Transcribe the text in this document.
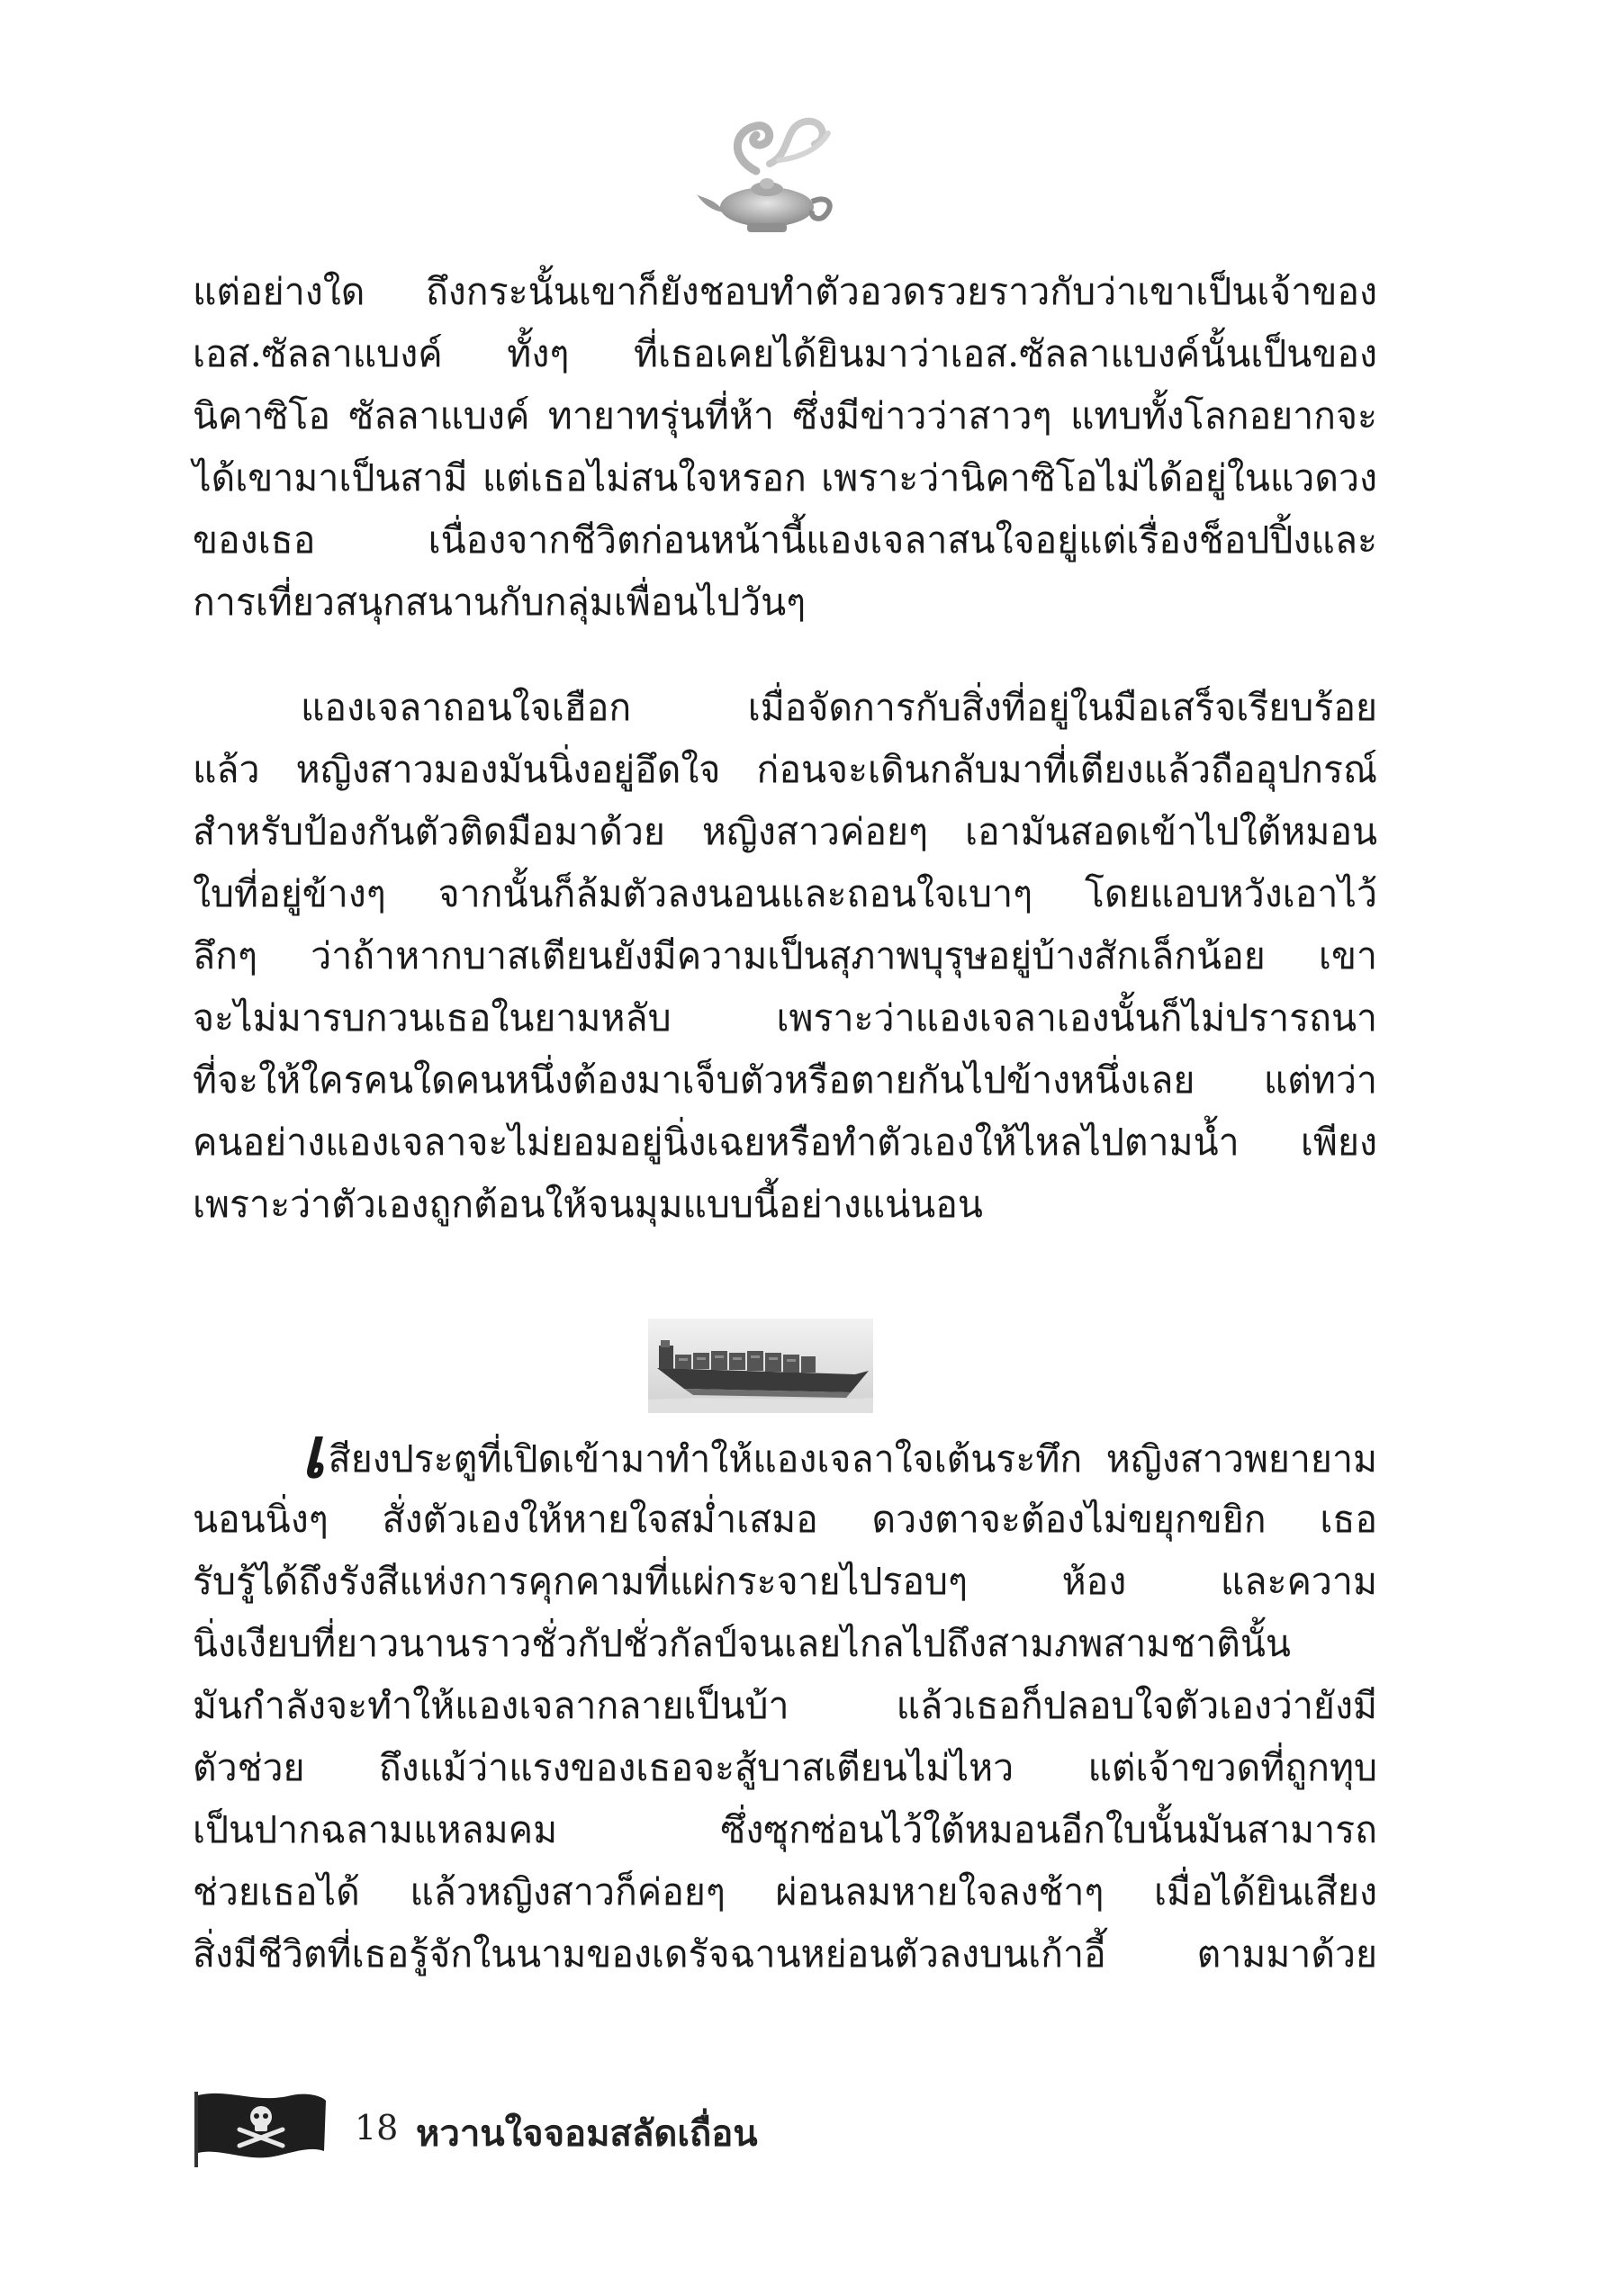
แต่อย่างใด ถึงกระนั้นเขาก็ยังชอบทำตัวอวดรวยราวกับว่าเขาเป็นเจ้าของ
เอส.ซัลลาแบงค์ ทั้งๆ ที่เธอเคยได้ยินมาว่าเอส.ซัลลาแบงค์นั้นเป็นของ
นิคาซิโอ ซัลลาแบงค์ ทายาทรุ่นที่ห้า ซึ่งมีข่าวว่าสาวๆ แทบทั้งโลกอยากจะ
ได้เขามาเป็นสามี แต่เธอไม่สนใจหรอก เพราะว่านิคาซิโอไม่ได้อยู่ในแวดวง
ของเธอ เนื่องจากชีวิตก่อนหน้านี้แองเจลาสนใจอยู่แต่เรื่องช็อปปิ้งและ
การเที่ยวสนุกสนานกับกลุ่มเพื่อนไปวันๆ
แองเจลาถอนใจเฮือก เมื่อจัดการกับสิ่งที่อยู่ในมือเสร็จเรียบร้อย
แล้ว หญิงสาวมองมันนิ่งอยู่อึดใจ ก่อนจะเดินกลับมาที่เตียงแล้วถืออุปกรณ์
สำหรับป้องกันตัวติดมือมาด้วย หญิงสาวค่อยๆ เอามันสอดเข้าไปใต้หมอน
ใบที่อยู่ข้างๆ จากนั้นก็ล้มตัวลงนอนและถอนใจเบาๆ โดยแอบหวังเอาไว้
ลึกๆ ว่าถ้าหากบาสเตียนยังมีความเป็นสุภาพบุรุษอยู่บ้างสักเล็กน้อย เขา
จะไม่มารบกวนเธอในยามหลับ เพราะว่าแองเจลาเองนั้นก็ไม่ปรารถนา
ที่จะให้ใครคนใดคนหนึ่งต้องมาเจ็บตัวหรือตายกันไปข้างหนึ่งเลย แต่ทว่า
คนอย่างแองเจลาจะไม่ยอมอยู่นิ่งเฉยหรือทำตัวเองให้ไหลไปตามน้ำ เพียง
เพราะว่าตัวเองถูกต้อนให้จนมุมแบบนี้อย่างแน่นอน
เสียงประตูที่เปิดเข้ามาทำให้แองเจลาใจเต้นระทึก หญิงสาวพยายาม
นอนนิ่งๆ สั่งตัวเองให้หายใจสม่ำเสมอ ดวงตาจะต้องไม่ขยุกขยิก เธอ
รับรู้ได้ถึงรังสีแห่งการคุกคามที่แผ่กระจายไปรอบๆ ห้อง และความ
นิ่งเงียบที่ยาวนานราวชั่วกัปชั่วกัลป์จนเลยไกลไปถึงสามภพสามชาตินั้น
มันกำลังจะทำให้แองเจลากลายเป็นบ้า แล้วเธอก็ปลอบใจตัวเองว่ายังมี
ตัวช่วย ถึงแม้ว่าแรงของเธอจะสู้บาสเตียนไม่ไหว แต่เจ้าขวดที่ถูกทุบ
เป็นปากฉลามแหลมคม ซึ่งซุกซ่อนไว้ใต้หมอนอีกใบนั้นมันสามารถ
ช่วยเธอได้ แล้วหญิงสาวก็ค่อยๆ ผ่อนลมหายใจลงช้าๆ เมื่อได้ยินเสียง
สิ่งมีชีวิตที่เธอรู้จักในนามของเดรัจฉานหย่อนตัวลงบนเก้าอี้ ตามมาด้วย
18 หวานใจจอมสลัดเถื่อน
